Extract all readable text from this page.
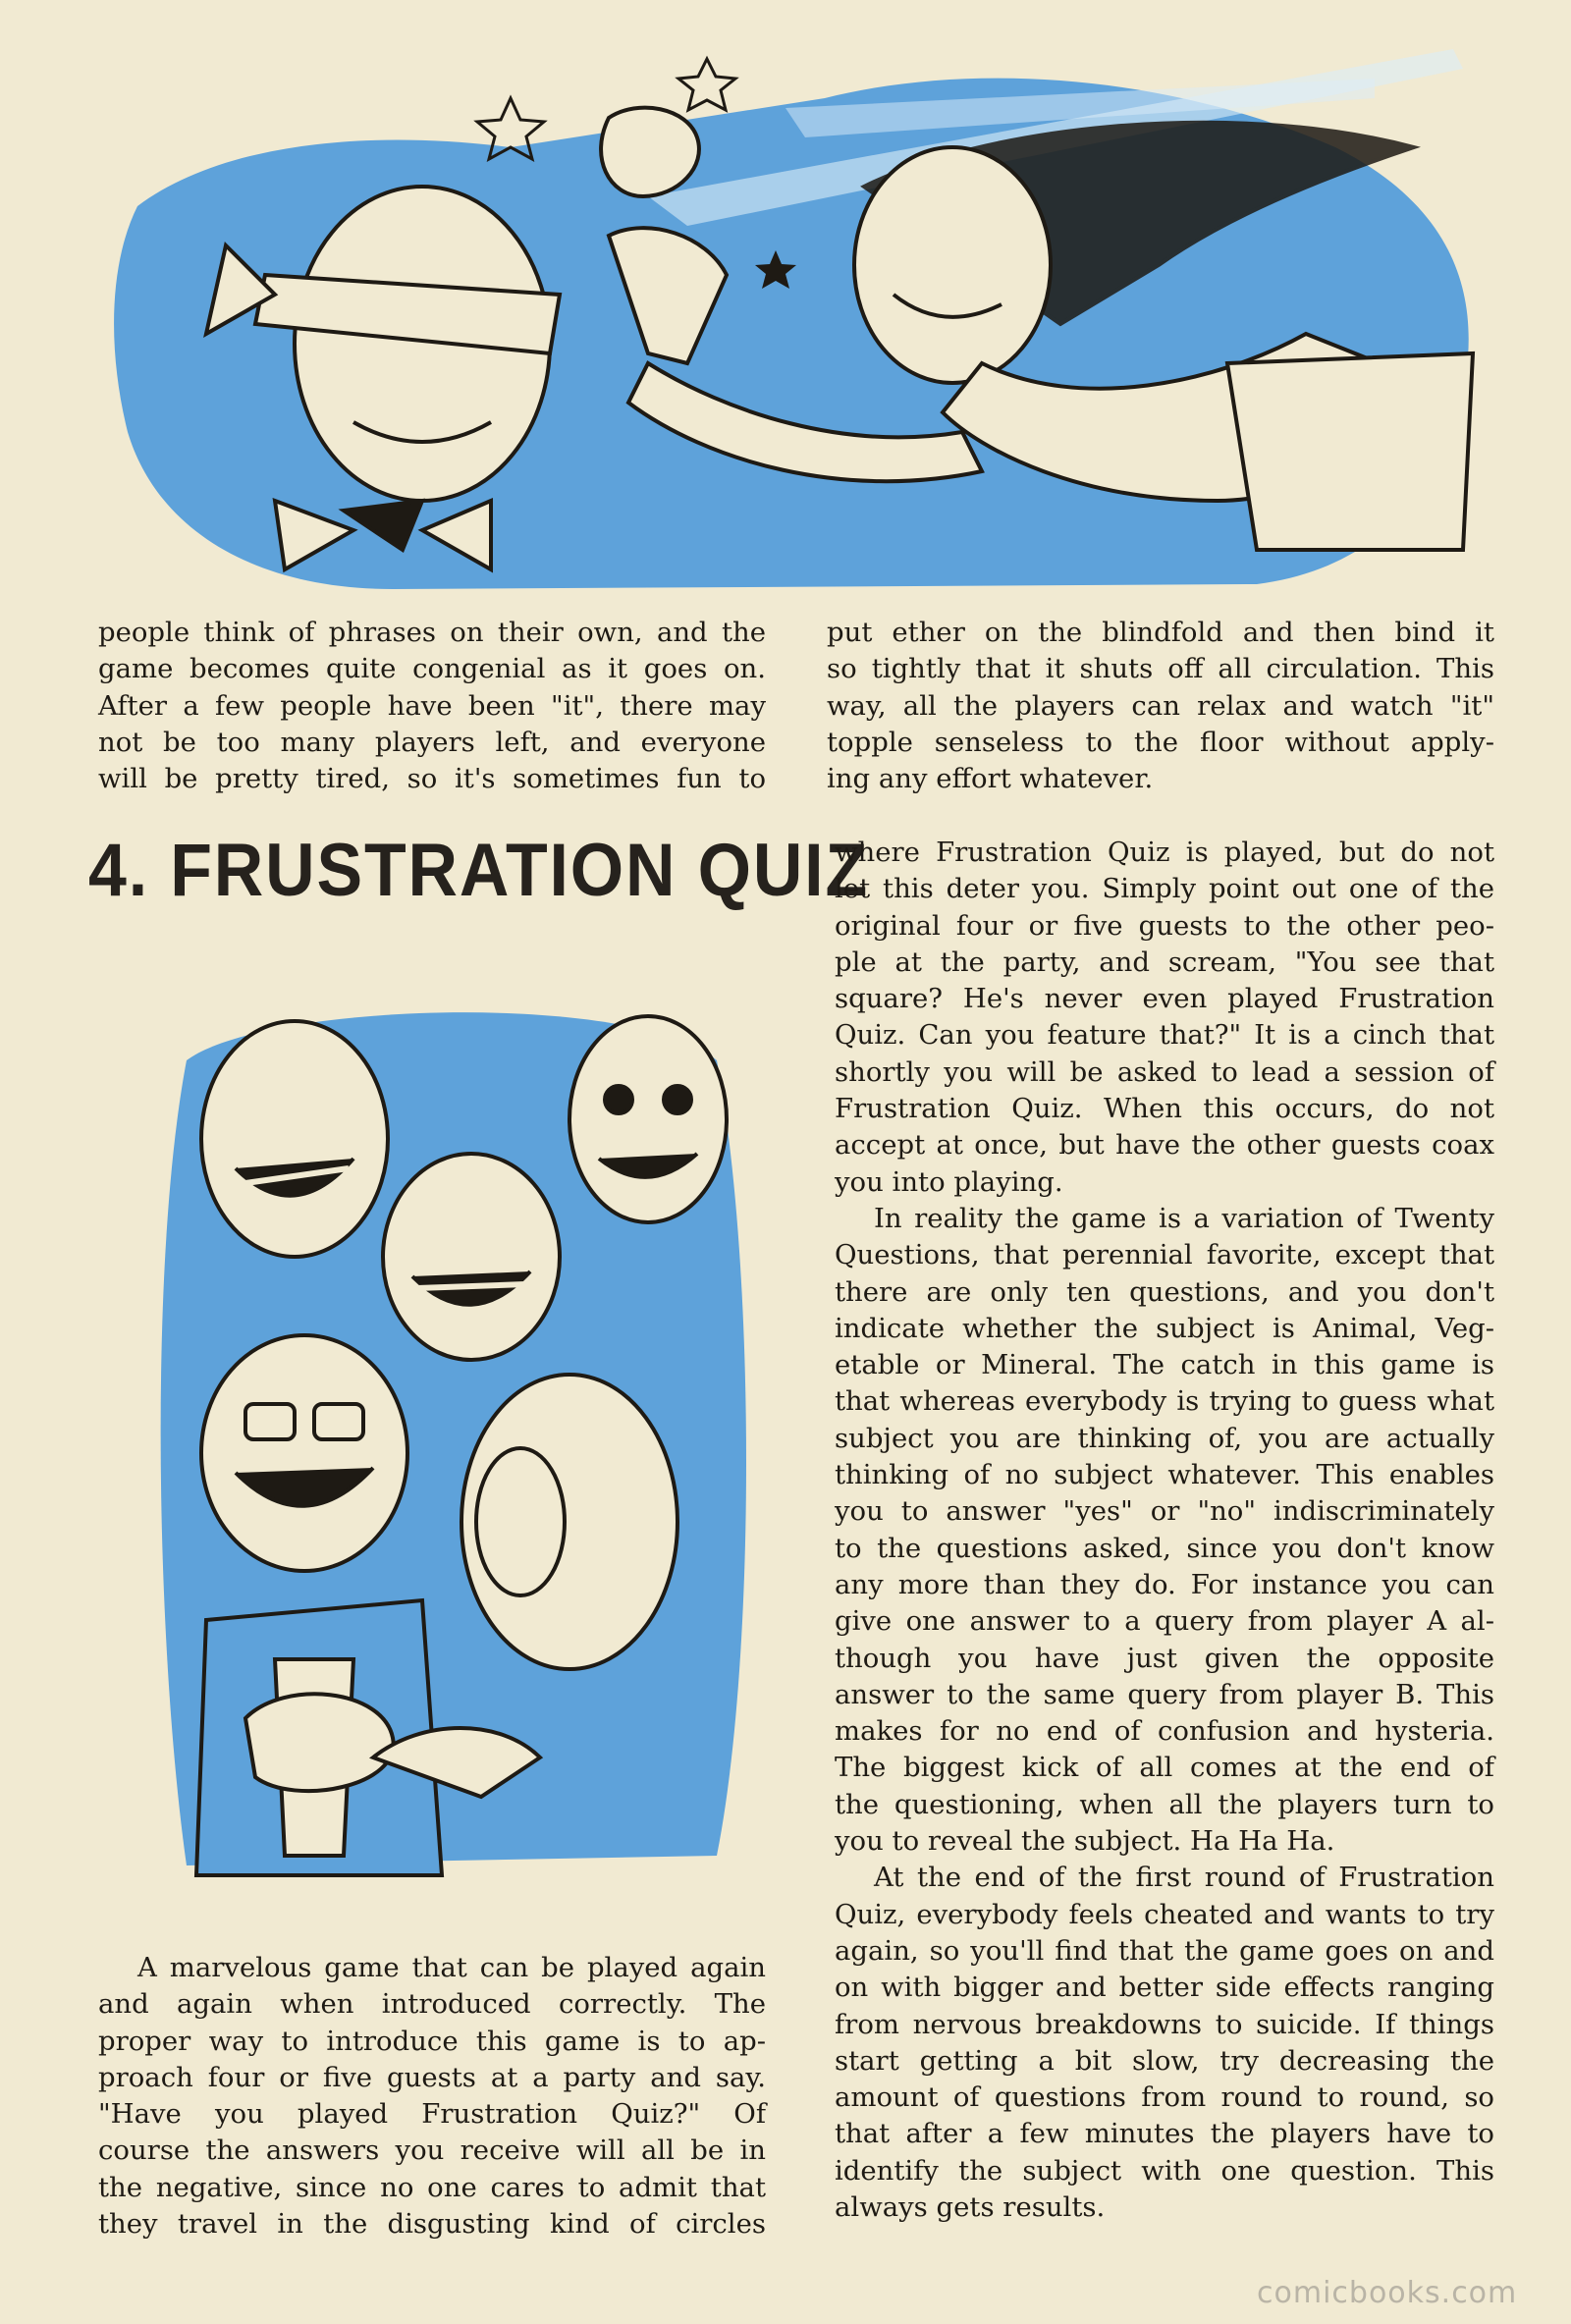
people think of phrases on their own, and the

game becomes quite congenial as it goes on.

After a few people have been "it", there may

not be too many players left, and everyone

will be pretty tired, so it's sometimes fun to

put ether on the blindfold and then bind it

so tightly that it shuts off all circulation. This

way, all the players can relax and watch "it"

topple senseless to the floor without apply-

ing any effort whatever.

4. FRUSTRATION QUIZ

A marvelous game that can be played again

and again when introduced correctly. The

proper way to introduce this game is to ap-

proach four or five guests at a party and say.

"Have you played Frustration Quiz?" Of

course the answers you receive will all be in

the negative, since no one cares to admit that

they travel in the disgusting kind of circles

where Frustration Quiz is played, but do not

let this deter you. Simply point out one of the

original four or five guests to the other peo-

ple at the party, and scream, "You see that

square? He's never even played Frustration

Quiz. Can you feature that?" It is a cinch that

shortly you will be asked to lead a session of

Frustration Quiz. When this occurs, do not

accept at once, but have the other guests coax

you into playing.

In reality the game is a variation of Twenty

Questions, that perennial favorite, except that

there are only ten questions, and you don't

indicate whether the subject is Animal, Veg-

etable or Mineral. The catch in this game is

that whereas everybody is trying to guess what

subject you are thinking of, you are actually

thinking of no subject whatever. This enables

you to answer "yes" or "no" indiscriminately

to the questions asked, since you don't know

any more than they do. For instance you can

give one answer to a query from player A al-

though you have just given the opposite

answer to the same query from player B. This

makes for no end of confusion and hysteria.

The biggest kick of all comes at the end of

the questioning, when all the players turn to

you to reveal the subject. Ha Ha Ha.

At the end of the first round of Frustration

Quiz, everybody feels cheated and wants to try

again, so you'll find that the game goes on and

on with bigger and better side effects ranging

from nervous breakdowns to suicide. If things

start getting a bit slow, try decreasing the

amount of questions from round to round, so

that after a few minutes the players have to

identify the subject with one question. This

always gets results.

comicbooks.com
